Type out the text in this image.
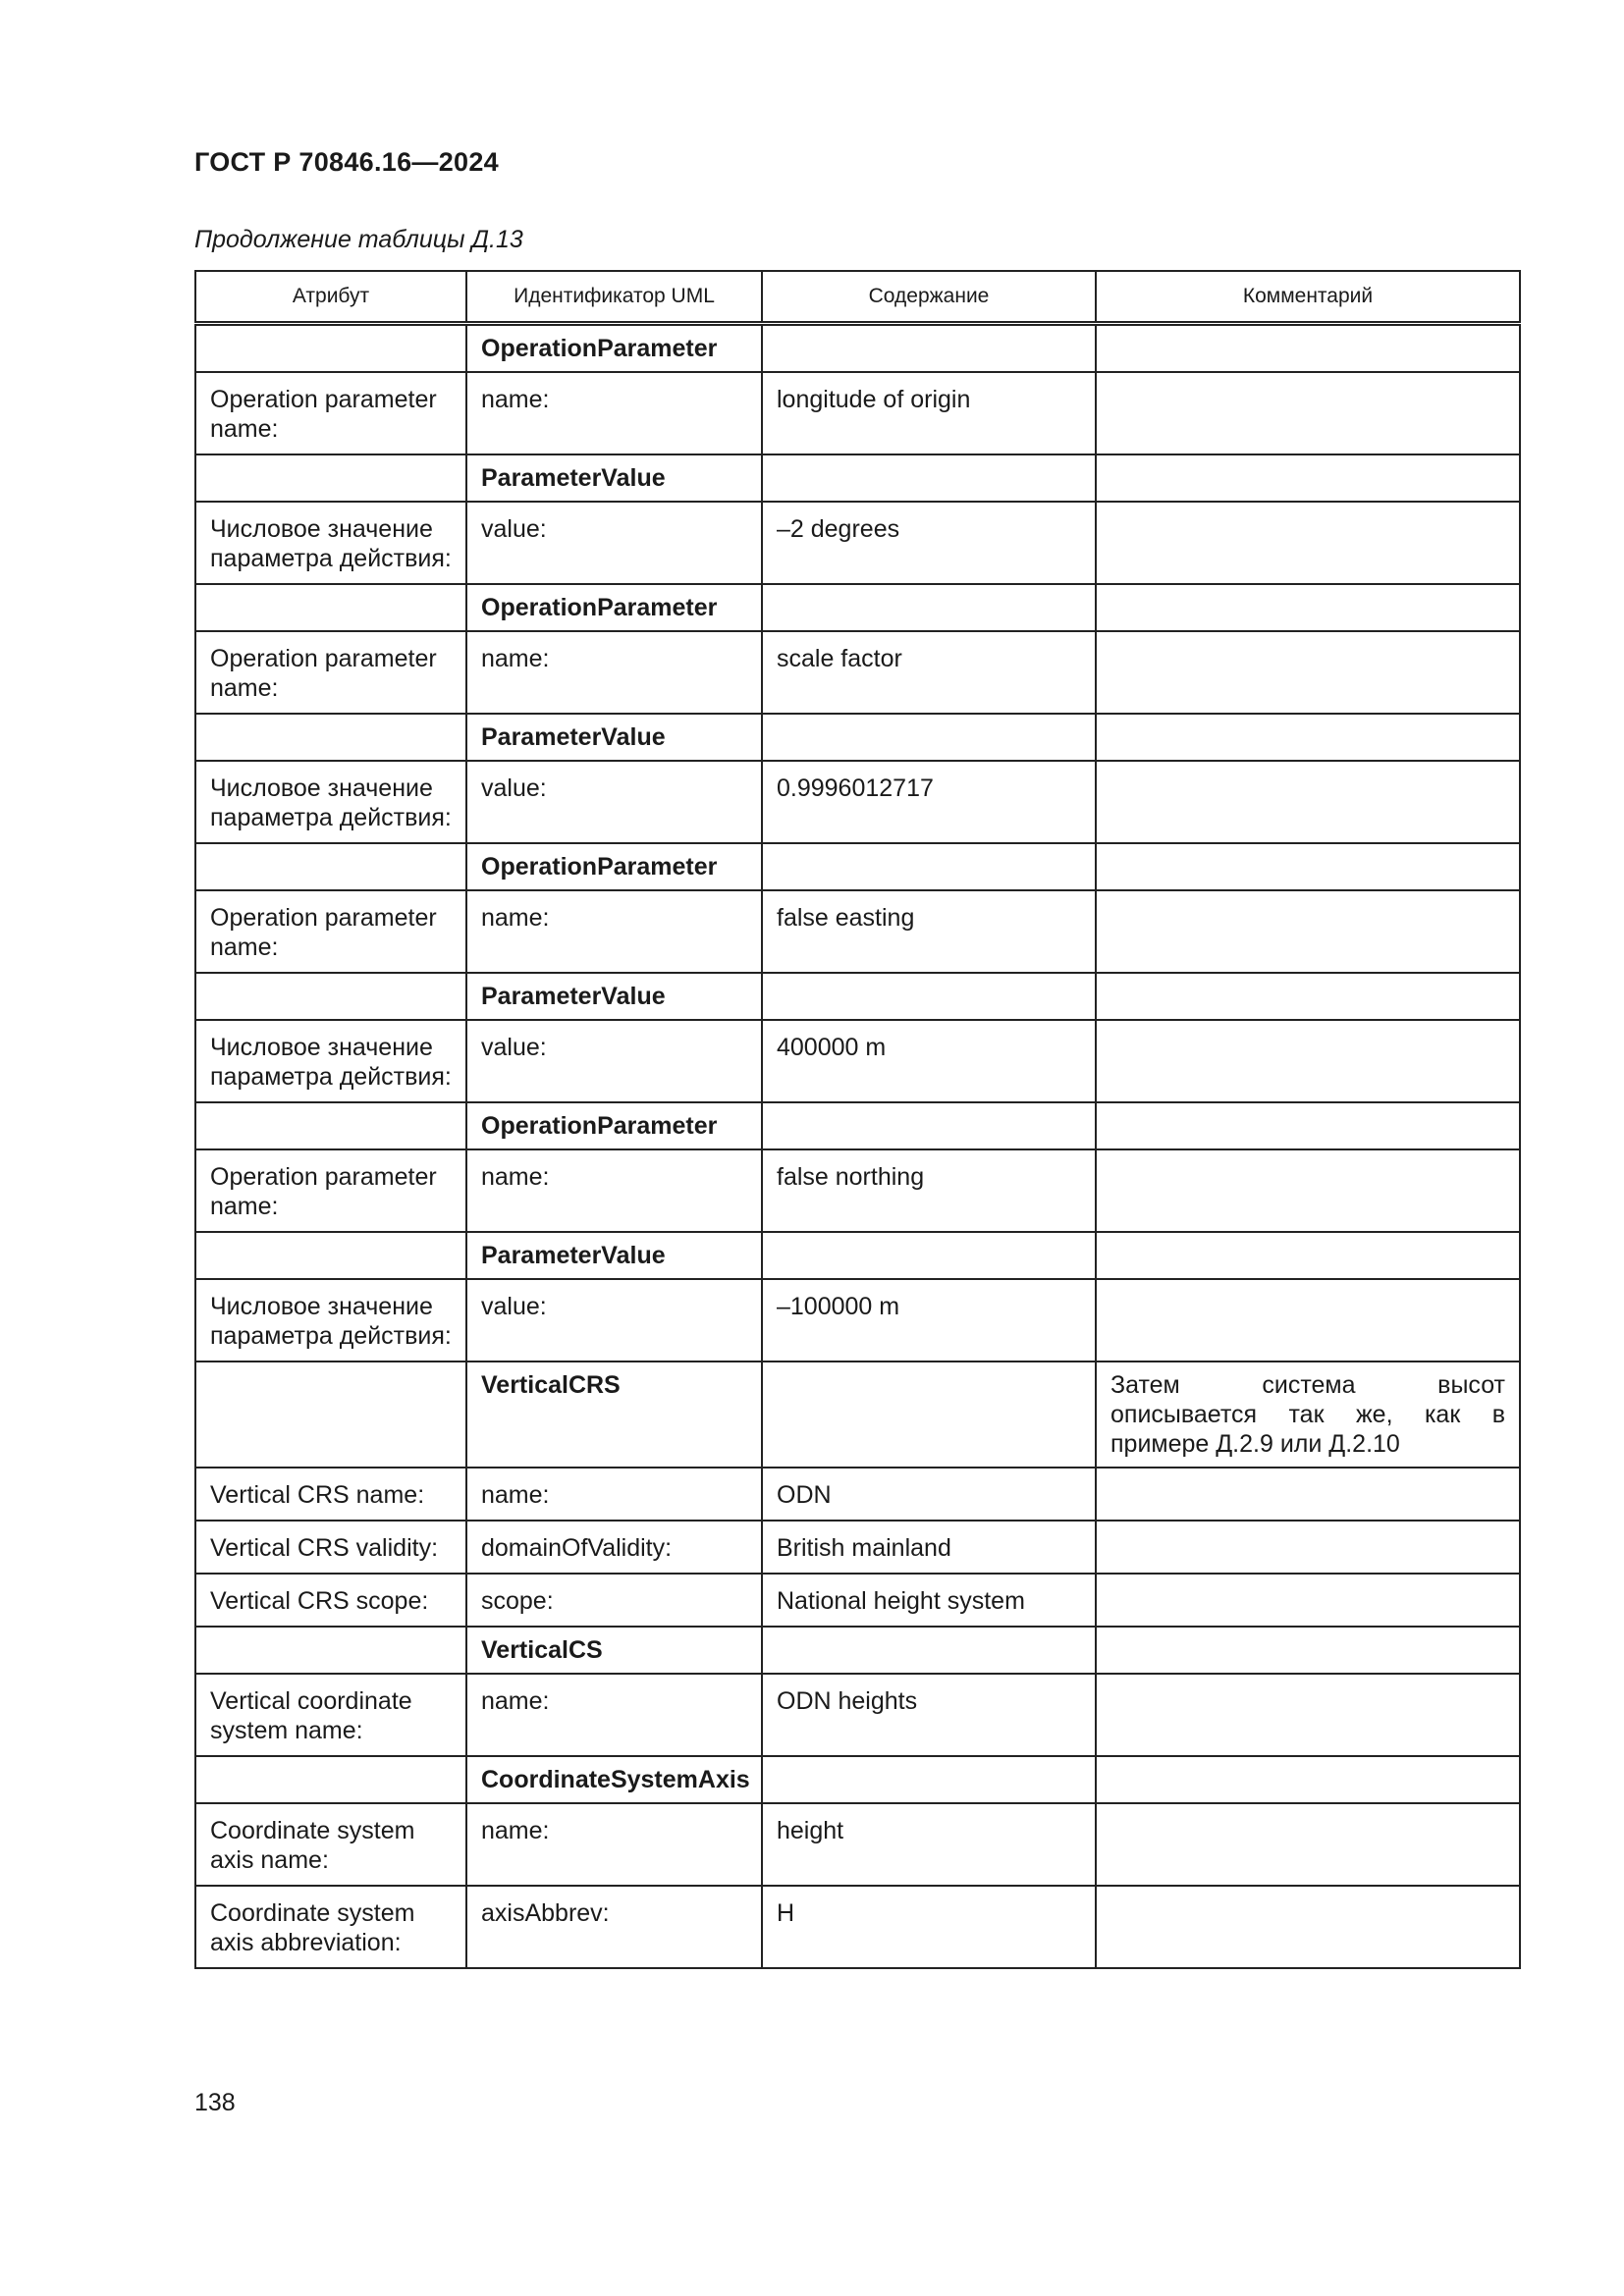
ГОСТ Р 70846.16—2024
Продолжение таблицы Д.13
Атрибут	Идентификатор UML	Содержание	Комментарий
	OperationParameter		
Operation parameter name:	name:	longitude of origin	
	ParameterValue		
Числовое значение параметра действия:	value:	–2 degrees	
	OperationParameter		
Operation parameter name:	name:	scale factor	
	ParameterValue		
Числовое значение параметра действия:	value:	0.9996012717	
	OperationParameter		
Operation parameter name:	name:	false easting	
	ParameterValue		
Числовое значение параметра действия:	value:	400000 m	
	OperationParameter		
Operation parameter name:	name:	false northing	
	ParameterValue		
Числовое значение параметра действия:	value:	–100000 m	
	VerticalCRS		Затем система высот описывается так же, как в примере Д.2.9 или Д.2.10
Vertical CRS name:	name:	ODN	
Vertical CRS validity:	domainOfValidity:	British mainland	
Vertical CRS scope:	scope:	National height system	
	VerticalCS		
Vertical coordinate system name:	name:	ODN heights	
	CoordinateSystemAxis		
Coordinate system axis name:	name:	height	
Coordinate system axis abbreviation:	axisAbbrev:	H	
138
